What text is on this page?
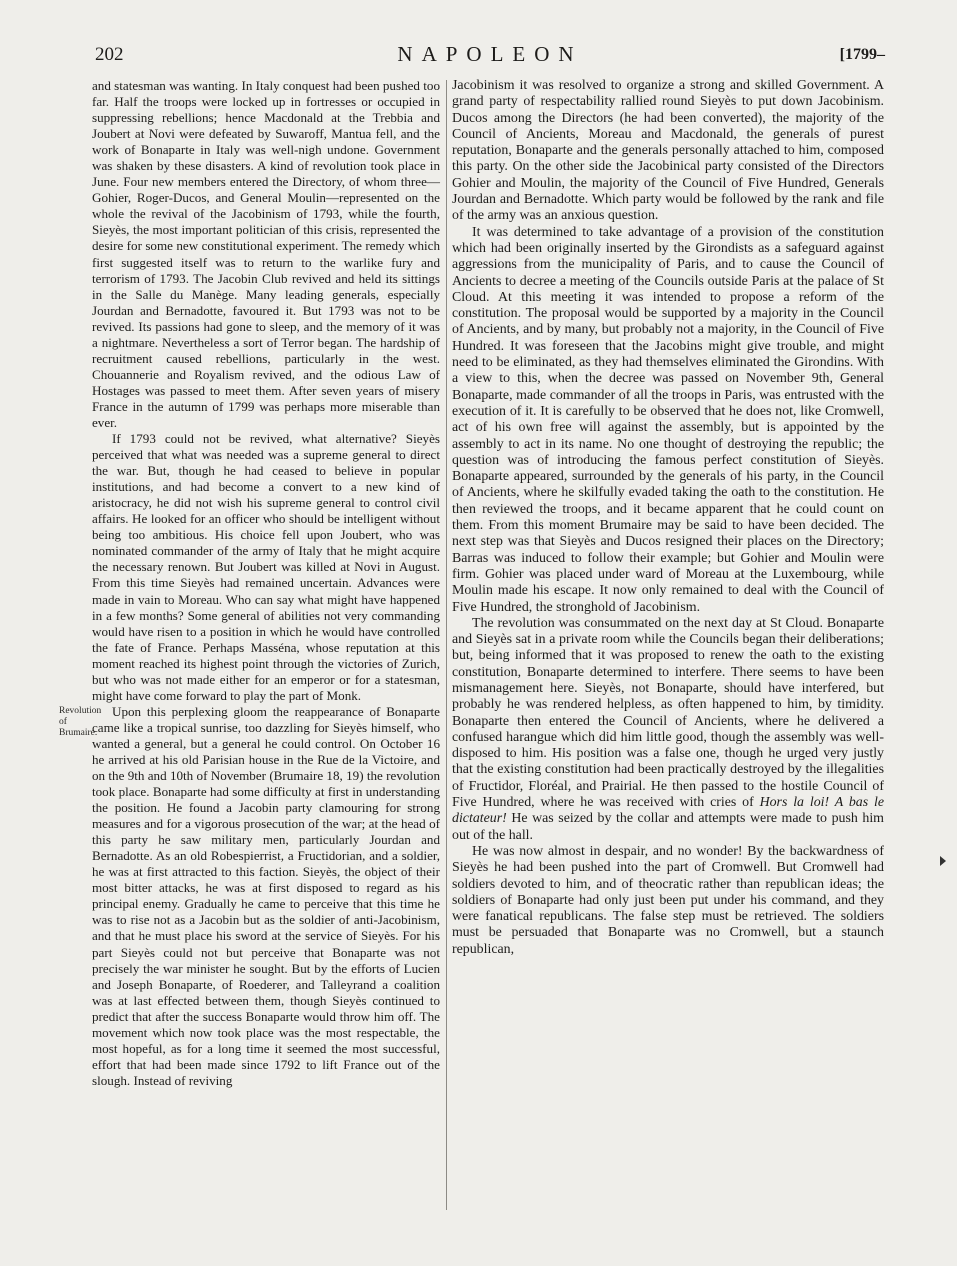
202	NAPOLEON	[1799–

and statesman was wanting. In Italy conquest had been pushed too far. Half the troops were locked up in fortresses or occupied in suppressing rebellions; hence Macdonald at the Trebbia and Joubert at Novi were defeated by Suwaroff, Mantua fell, and the work of Bonaparte in Italy was well-nigh undone. Government was shaken by these disasters. A kind of revolution took place in June. Four new members entered the Directory, of whom three—Gohier, Roger-Ducos, and General Moulin—represented on the whole the revival of the Jacobinism of 1793, while the fourth, Sieyès, the most important politician of this crisis, represented the desire for some new constitutional experiment. The remedy which first suggested itself was to return to the warlike fury and terrorism of 1793. The Jacobin Club revived and held its sittings in the Salle du Manège. Many leading generals, especially Jourdan and Bernadotte, favoured it. But 1793 was not to be revived. Its passions had gone to sleep, and the memory of it was a nightmare. Nevertheless a sort of Terror began. The hardship of recruitment caused rebellions, particularly in the west. Chouannerie and Royalism revived, and the odious Law of Hostages was passed to meet them. After seven years of misery France in the autumn of 1799 was perhaps more miserable than ever.

If 1793 could not be revived, what alternative? Sieyès perceived that what was needed was a supreme general to direct the war. But, though he had ceased to believe in popular institutions, and had become a convert to a new kind of aristocracy, he did not wish his supreme general to control civil affairs. He looked for an officer who should be intelligent without being too ambitious. His choice fell upon Joubert, who was nominated commander of the army of Italy that he might acquire the necessary renown. But Joubert was killed at Novi in August. From this time Sieyès had remained uncertain. Advances were made in vain to Moreau. Who can say what might have happened in a few months? Some general of abilities not very commanding would have risen to a position in which he would have controlled the fate of France. Perhaps Masséna, whose reputation at this moment reached its highest point through the victories of Zurich, but who was not made either for an emperor or for a statesman, might have come forward to play the part of Monk.

Revolution of Brumaire.

Upon this perplexing gloom the reappearance of Bonaparte came like a tropical sunrise, too dazzling for Sieyès himself, who wanted a general, but a general he could control. On October 16 he arrived at his old Parisian house in the Rue de la Victoire, and on the 9th and 10th of November (Brumaire 18, 19) the revolution took place. Bonaparte had some difficulty at first in understanding the position. He found a Jacobin party clamouring for strong measures and for a vigorous prosecution of the war; at the head of this party he saw military men, particularly Jourdan and Bernadotte. As an old Robespierrist, a Fructidorian, and a soldier, he was at first attracted to this faction. Sieyès, the object of their most bitter attacks, he was at first disposed to regard as his principal enemy. Gradually he came to perceive that this time he was to rise not as a Jacobin but as the soldier of anti-Jacobinism, and that he must place his sword at the service of Sieyès. For his part Sieyès could not but perceive that Bonaparte was not precisely the war minister he sought. But by the efforts of Lucien and Joseph Bonaparte, of Roederer, and Talleyrand a coalition was at last effected between them, though Sieyès continued to predict that after the success Bonaparte would throw him off. The movement which now took place was the most respectable, the most hopeful, as for a long time it seemed the most successful, effort that had been made since 1792 to lift France out of the slough. Instead of reviving

Jacobinism it was resolved to organize a strong and skilled Government. A grand party of respectability rallied round Sieyès to put down Jacobinism. Ducos among the Directors (he had been converted), the majority of the Council of Ancients, Moreau and Macdonald, the generals of purest reputation, Bonaparte and the generals personally attached to him, composed this party. On the other side the Jacobinical party consisted of the Directors Gohier and Moulin, the majority of the Council of Five Hundred, Generals Jourdan and Bernadotte. Which party would be followed by the rank and file of the army was an anxious question.

It was determined to take advantage of a provision of the constitution which had been originally inserted by the Girondists as a safeguard against aggressions from the municipality of Paris, and to cause the Council of Ancients to decree a meeting of the Councils outside Paris at the palace of St Cloud. At this meeting it was intended to propose a reform of the constitution. The proposal would be supported by a majority in the Council of Ancients, and by many, but probably not a majority, in the Council of Five Hundred. It was foreseen that the Jacobins might give trouble, and might need to be eliminated, as they had themselves eliminated the Girondins. With a view to this, when the decree was passed on November 9th, General Bonaparte, made commander of all the troops in Paris, was entrusted with the execution of it. It is carefully to be observed that he does not, like Cromwell, act of his own free will against the assembly, but is appointed by the assembly to act in its name. No one thought of destroying the republic; the question was of introducing the famous perfect constitution of Sieyès. Bonaparte appeared, surrounded by the generals of his party, in the Council of Ancients, where he skilfully evaded taking the oath to the constitution. He then reviewed the troops, and it became apparent that he could count on them. From this moment Brumaire may be said to have been decided. The next step was that Sieyès and Ducos resigned their places on the Directory; Barras was induced to follow their example; but Gohier and Moulin were firm. Gohier was placed under ward of Moreau at the Luxembourg, while Moulin made his escape. It now only remained to deal with the Council of Five Hundred, the stronghold of Jacobinism.

The revolution was consummated on the next day at St Cloud. Bonaparte and Sieyès sat in a private room while the Councils began their deliberations; but, being informed that it was proposed to renew the oath to the existing constitution, Bonaparte determined to interfere. There seems to have been mismanagement here. Sieyès, not Bonaparte, should have interfered, but probably he was rendered helpless, as often happened to him, by timidity. Bonaparte then entered the Council of Ancients, where he delivered a confused harangue which did him little good, though the assembly was well-disposed to him. His position was a false one, though he urged very justly that the existing constitution had been practically destroyed by the illegalities of Fructidor, Floréal, and Prairial. He then passed to the hostile Council of Five Hundred, where he was received with cries of Hors la loi! A bas le dictateur! He was seized by the collar and attempts were made to push him out of the hall.

He was now almost in despair, and no wonder! By the backwardness of Sieyès he had been pushed into the part of Cromwell. But Cromwell had soldiers devoted to him, and of theocratic rather than republican ideas; the soldiers of Bonaparte had only just been put under his command, and they were fanatical republicans. The false step must be retrieved. The soldiers must be persuaded that Bonaparte was no Cromwell, but a staunch republican,
